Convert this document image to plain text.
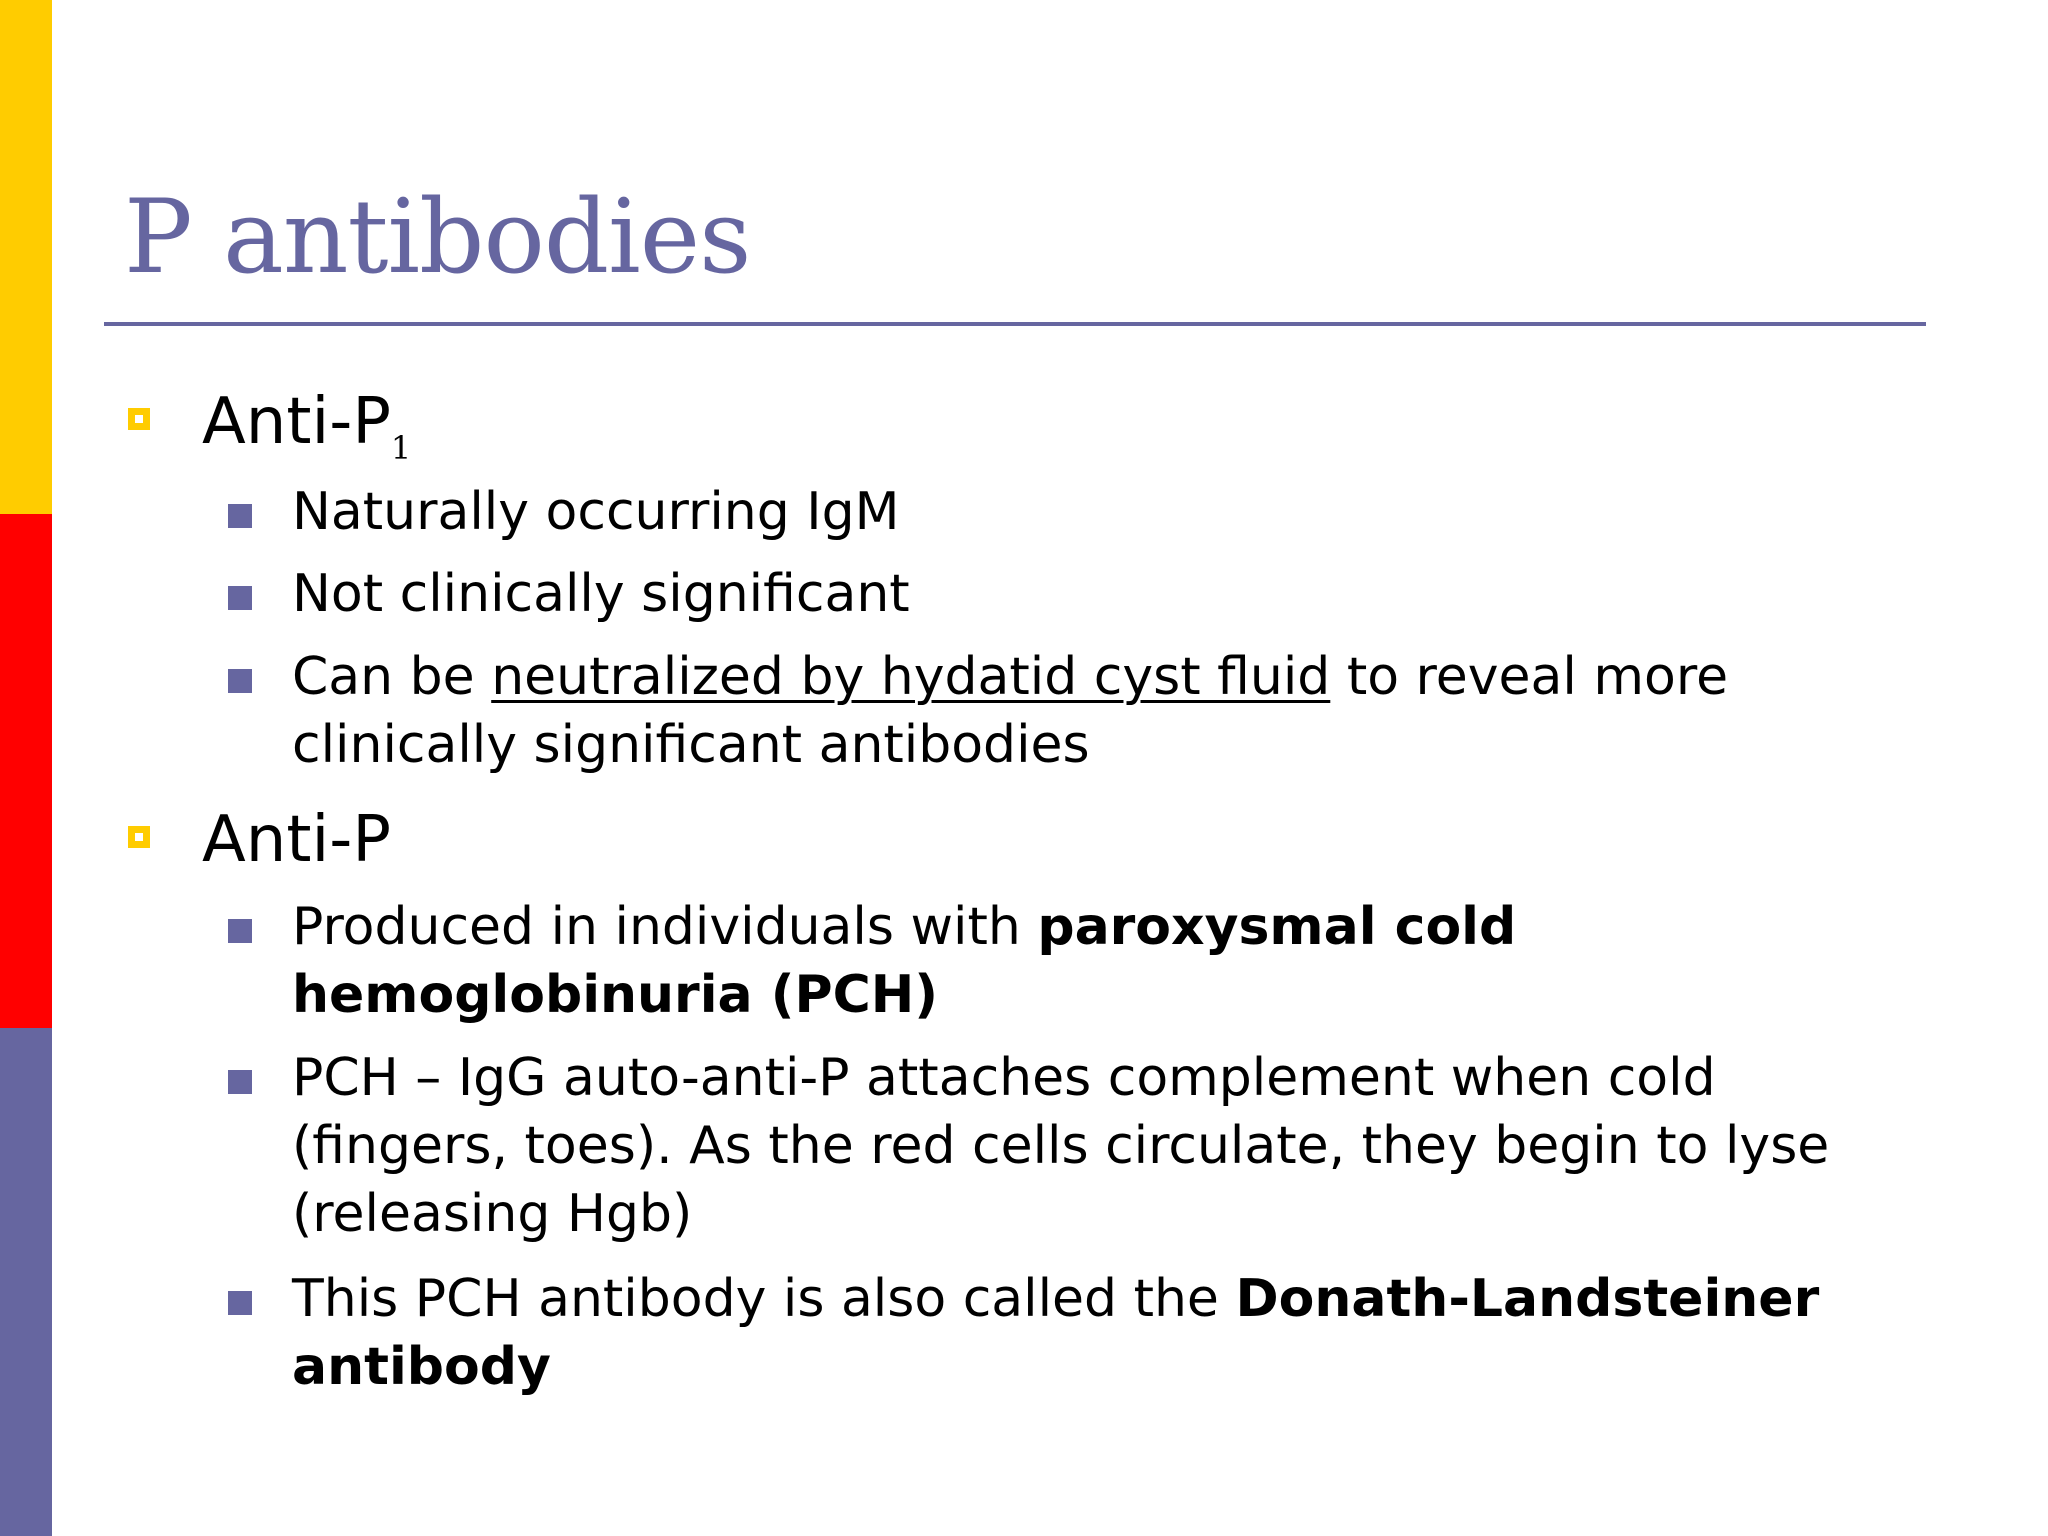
P antibodies
Anti-$P_1$
Naturally occurring IgM
Not clinically significant
Can be neutralized by hydatid cyst fluid to reveal more clinically significant antibodies
Anti-P
Produced in individuals with paroxysmal cold hemoglobinuria (PCH)
PCH – IgG auto-anti-P attaches complement when cold (fingers, toes). As the red cells circulate, they begin to lyse (releasing Hgb)
This PCH antibody is also called the Donath-Landsteiner antibody
